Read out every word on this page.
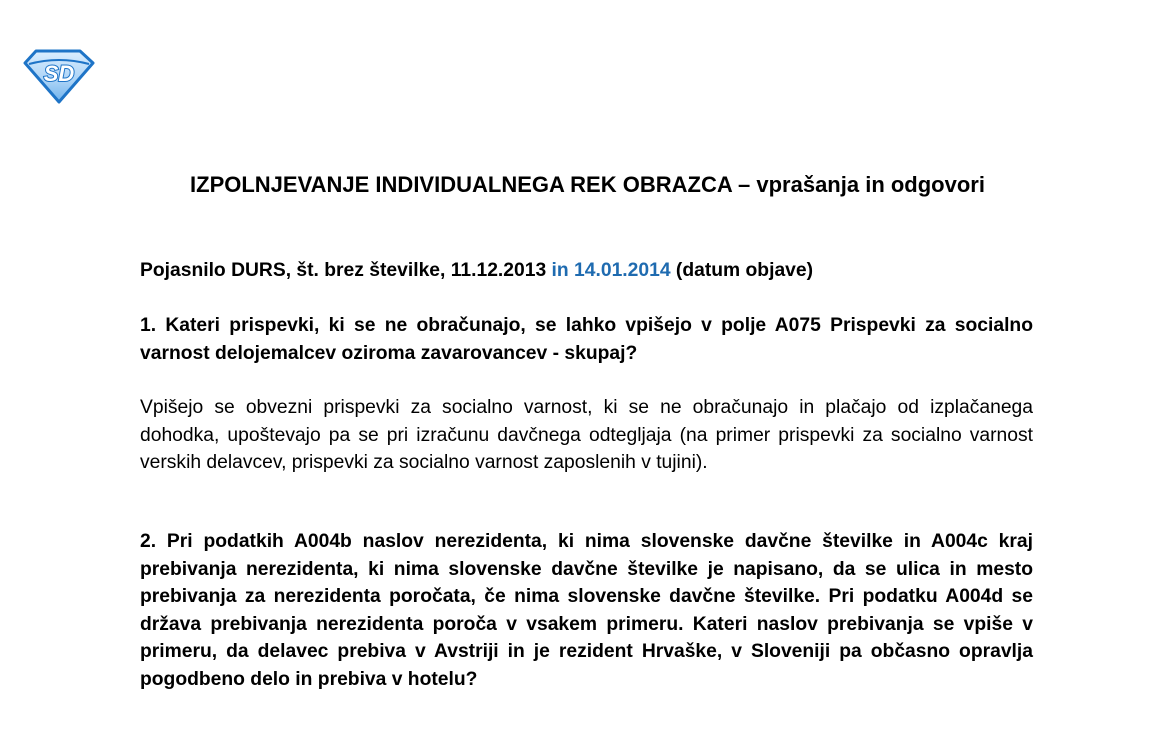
SD
IZPOLNJEVANJE INDIVIDUALNEGA REK OBRAZCA – vprašanja in odgovori
Pojasnilo DURS, št. brez številke, 11.12.2013 in 14.01.2014 (datum objave)
1. Kateri prispevki, ki se ne obračunajo, se lahko vpišejo v polje A075 Prispevki za socialno varnost delojemalcev oziroma zavarovancev - skupaj?
Vpišejo se obvezni prispevki za socialno varnost, ki se ne obračunajo in plačajo od izplačanega dohodka, upoštevajo pa se pri izračunu davčnega odtegljaja (na primer prispevki za socialno varnost verskih delavcev, prispevki za socialno varnost zaposlenih v tujini).
2. Pri podatkih A004b naslov nerezidenta, ki nima slovenske davčne številke in A004c kraj prebivanja nerezidenta, ki nima slovenske davčne številke je napisano, da se ulica in mesto prebivanja za nerezidenta poročata, če nima slovenske davčne številke. Pri podatku A004d se država prebivanja nerezidenta poroča v vsakem primeru. Kateri naslov prebivanja se vpiše v primeru, da delavec prebiva v Avstriji in je rezident Hrvaške, v Sloveniji pa občasno opravlja pogodbeno delo in prebiva v hotelu?
